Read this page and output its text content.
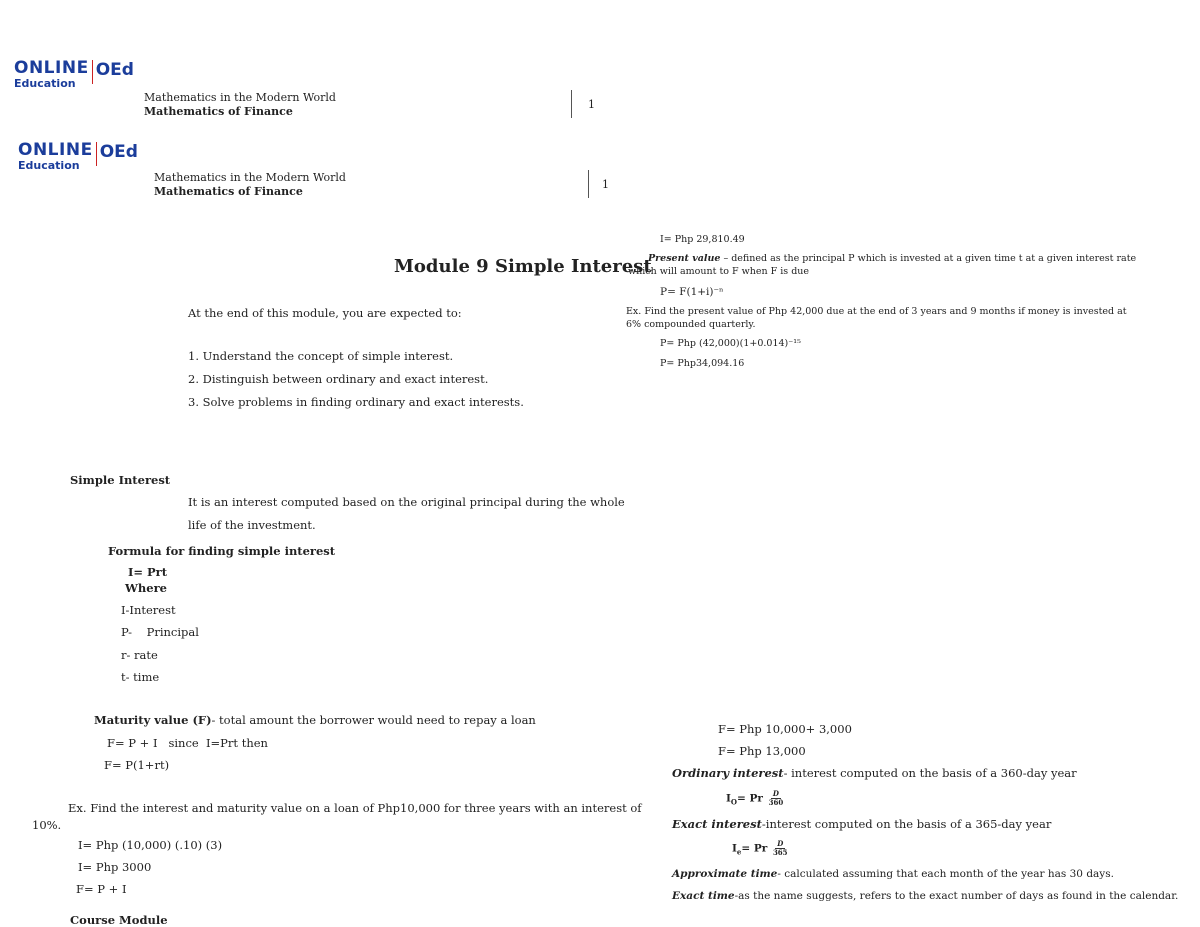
ONLINE
Education
OEd
Mathematics in the Modern World
Mathematics of Finance
1
ONLINE
Education
OEd
Mathematics in the Modern World
Mathematics of Finance
1
I= Php 29,810.49
Present value – defined as the principal P which is invested at a given time t at a given interest rate
which will amount to F when F is due
P= F(1+i)⁻ⁿ
Ex. Find the present value of Php 42,000 due at the end of 3 years and 9 months if money is invested at
6% compounded quarterly.
P= Php (42,000)(1+0.014)⁻¹⁵
P= Php34,094.16
Module 9 Simple Interest
At the end of this module, you are expected to:
1. Understand the concept of simple interest.
2. Distinguish between ordinary and exact interest.
3. Solve problems in finding ordinary and exact interests.
Simple Interest
It is an interest computed based on the original principal during the whole
life of the investment.
Formula for finding simple interest
I= Prt
Where
I-Interest
P-    Principal
r- rate
t- time
Maturity value (F)- total amount the borrower would need to repay a loan
F= P + I   since  I=Prt then
F= P(1+rt)
Ex. Find the interest and maturity value on a loan of Php10,000 for three years with an interest of
10%.
I= Php (10,000) (.10) (3)
I= Php 3000
F= P + I
Course Module
F= Php 10,000+ 3,000
F= Php 13,000
Ordinary interest- interest computed on the basis of a 360-day year
$I_O= Pr \frac{D}{360}$
Exact interest-interest computed on the basis of a 365-day year
$I_e= Pr \frac{D}{365}$
Approximate time- calculated assuming that each month of the year has 30 days.
Exact time-as the name suggests, refers to the exact number of days as found in the calendar.
